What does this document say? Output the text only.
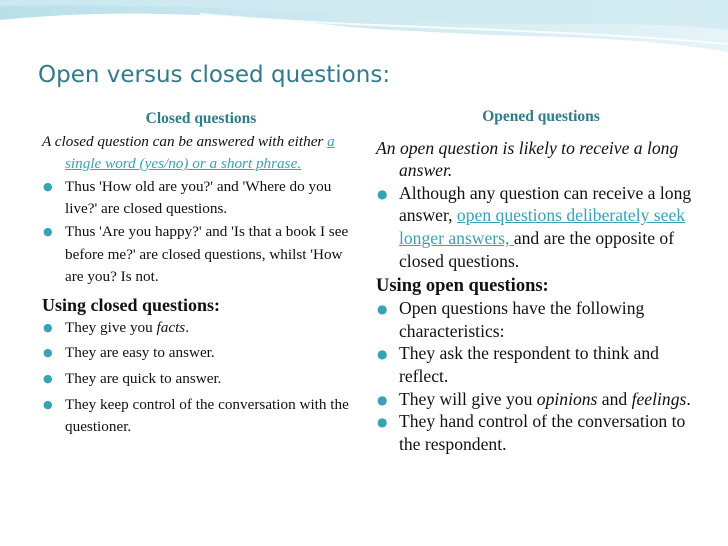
Open versus closed questions:
Closed questions

A closed question can be answered with either a single word (yes/no) or a short phrase.

● Thus 'How old are you?' and 'Where do you live?' are closed questions.

● Thus 'Are you happy?' and 'Is that a book I see before me?' are closed questions, whilst 'How are you? Is not.

Using closed questions:

● They give you facts.

● They are easy to answer.

● They are quick to answer.

● They keep control of the conversation with the questioner.

Opened questions

An open question is likely to receive a long answer.

● Although any question can receive a long answer, open questions deliberately seek longer answers, and are the opposite of closed questions.

Using open questions:

● Open questions have the following characteristics:

● They ask the respondent to think and reflect.

● They will give you opinions and feelings.

● They hand control of the conversation to the respondent.
